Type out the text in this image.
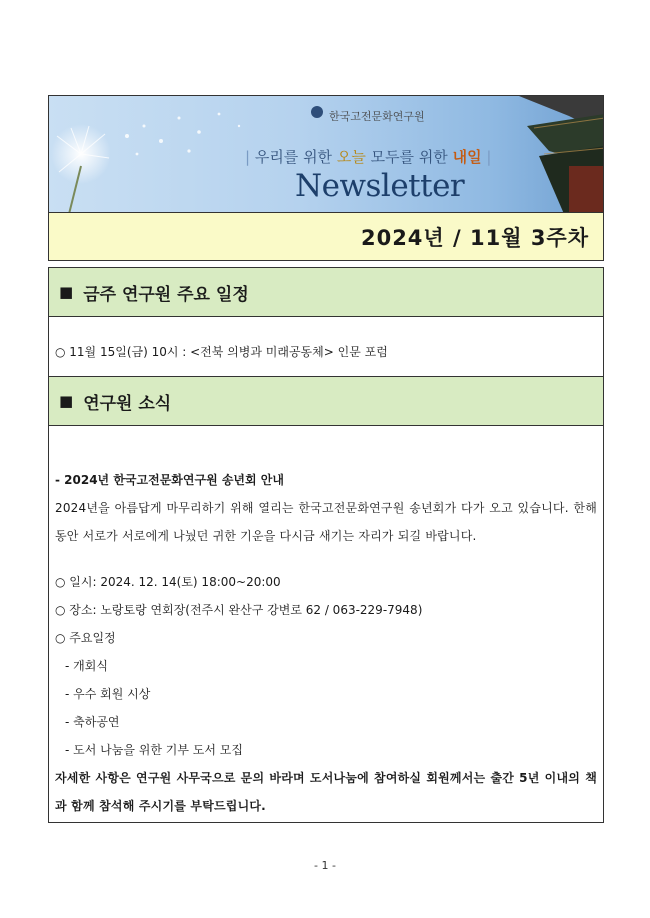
한국고전문화연구원
| 우리를 위한 오늘 모두를 위한 내일 |
Newsletter
2024년 / 11월 3주차
■ 금주 연구원 주요 일정
○ 11월 15일(금) 10시 : <전북 의병과 미래공동체> 인문 포럼
■ 연구원 소식
- 2024년 한국고전문화연구원 송년회 안내
2024년을 아름답게 마무리하기 위해 열리는 한국고전문화연구원 송년회가 다가 오고 있습니다. 한해동안 서로가 서로에게 나눴던 귀한 기운을 다시금 새기는 자리가 되길 바랍니다.
○ 일시: 2024. 12. 14(토) 18:00~20:00
○ 장소: 노랑토랑 연회장(전주시 완산구 강변로 62 / 063-229-7948)
○ 주요일정
- 개회식
- 우수 회원 시상
- 축하공연
- 도서 나눔을 위한 기부 도서 모집
자세한 사항은 연구원 사무국으로 문의 바라며 도서나눔에 참여하실 회원께서는 출간 5년 이내의 책과 함께 참석해 주시기를 부탁드립니다.
- 1 -
